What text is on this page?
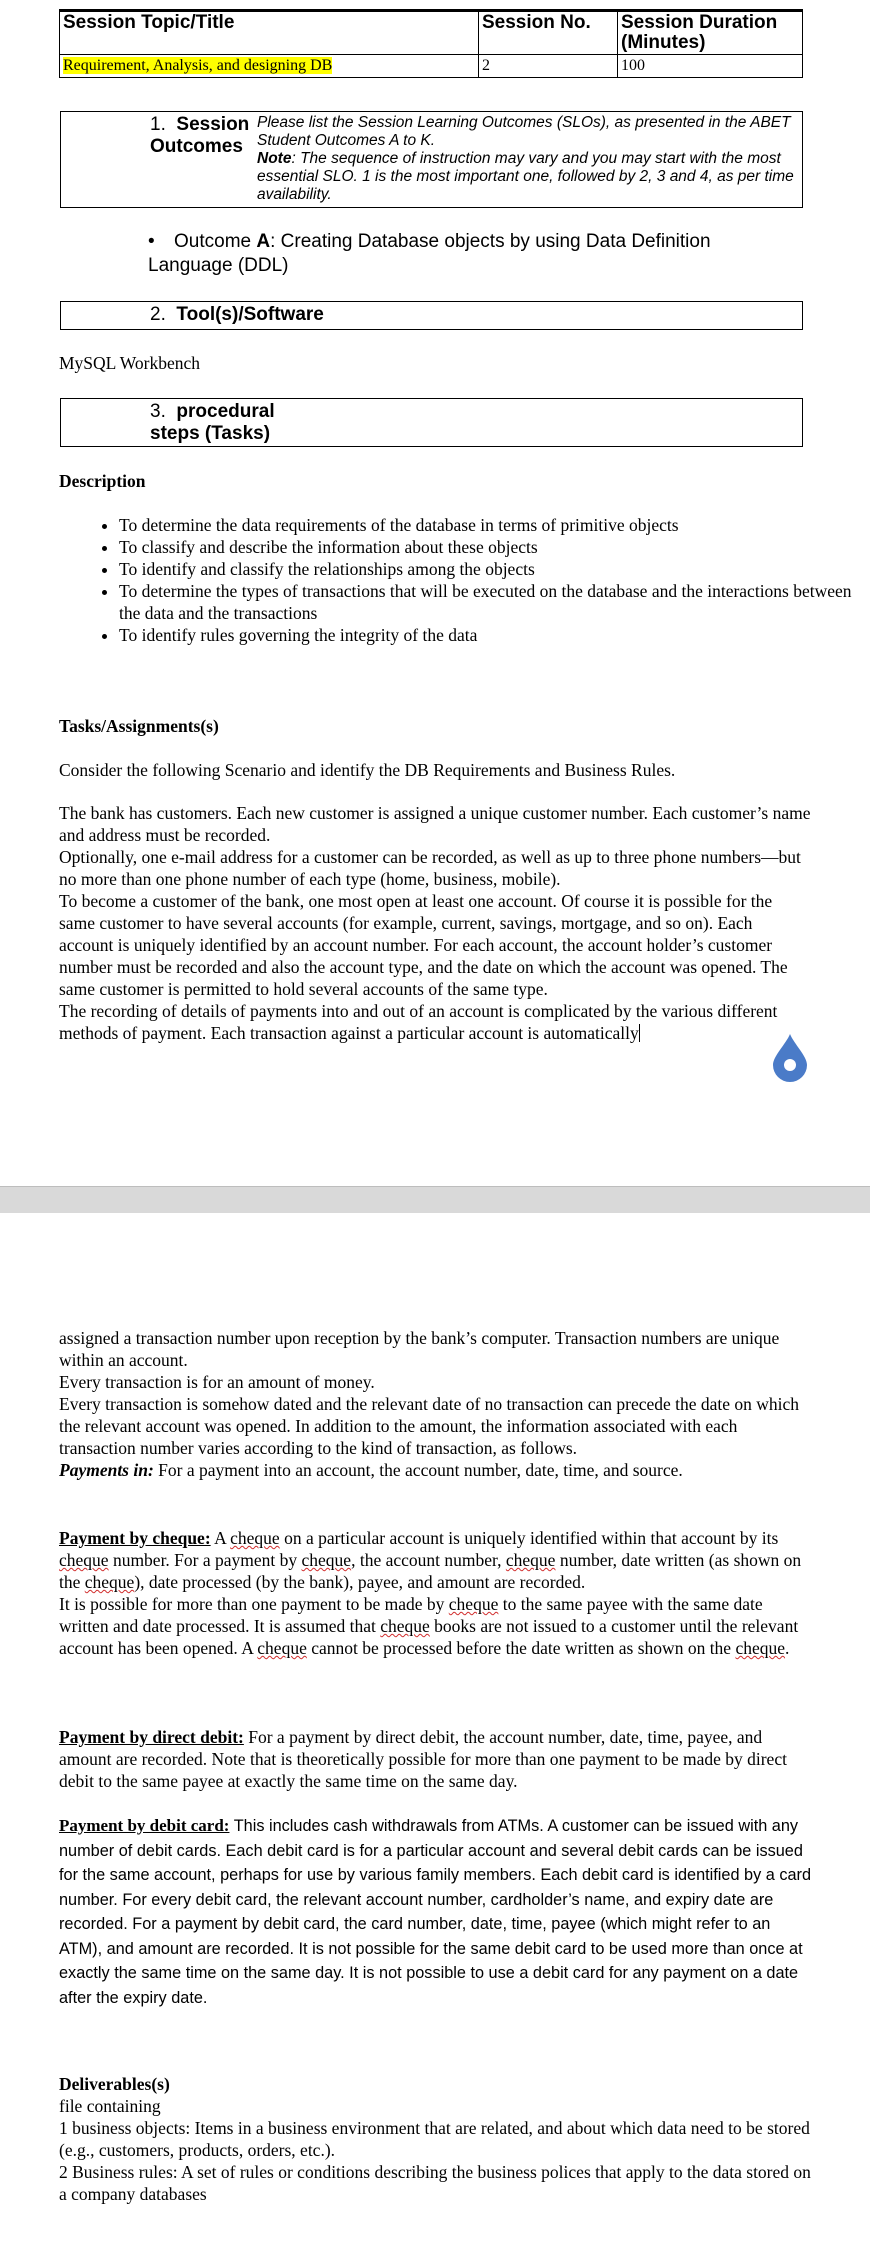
Session Topic/Title	Session No.	Session Duration (Minutes)
Requirement, Analysis, and designing DB	2	100
1. Session Outcomes
Please list the Session Learning Outcomes (SLOs), as presented in the ABET Student Outcomes A to K.
Note: The sequence of instruction may vary and you may start with the most essential SLO. 1 is the most important one, followed by 2, 3 and 4, as per time availability.
• Outcome A: Creating Database objects by using Data Definition Language (DDL)
2. Tool(s)/Software
MySQL Workbench
3. procedural
steps (Tasks)
Description
• To determine the data requirements of the database in terms of primitive objects
• To classify and describe the information about these objects
• To identify and classify the relationships among the objects
• To determine the types of transactions that will be executed on the database and the interactions between the data and the transactions
• To identify rules governing the integrity of the data
Tasks/Assignments(s)
Consider the following Scenario and identify the DB Requirements and Business Rules.
The bank has customers. Each new customer is assigned a unique customer number. Each customer’s name and address must be recorded.
Optionally, one e-mail address for a customer can be recorded, as well as up to three phone numbers—but no more than one phone number of each type (home, business, mobile).
To become a customer of the bank, one most open at least one account. Of course it is possible for the same customer to have several accounts (for example, current, savings, mortgage, and so on). Each account is uniquely identified by an account number. For each account, the account holder’s customer number must be recorded and also the account type, and the date on which the account was opened. The same customer is permitted to hold several accounts of the same type.
The recording of details of payments into and out of an account is complicated by the various different methods of payment. Each transaction against a particular account is automatically
assigned a transaction number upon reception by the bank’s computer. Transaction numbers are unique within an account.
Every transaction is for an amount of money.
Every transaction is somehow dated and the relevant date of no transaction can precede the date on which the relevant account was opened. In addition to the amount, the information associated with each transaction number varies according to the kind of transaction, as follows.
Payments in: For a payment into an account, the account number, date, time, and source.
Payment by cheque: A cheque on a particular account is uniquely identified within that account by its cheque number. For a payment by cheque, the account number, cheque number, date written (as shown on the cheque), date processed (by the bank), payee, and amount are recorded.
It is possible for more than one payment to be made by cheque to the same payee with the same date written and date processed. It is assumed that cheque books are not issued to a customer until the relevant account has been opened. A cheque cannot be processed before the date written as shown on the cheque.
Payment by direct debit: For a payment by direct debit, the account number, date, time, payee, and amount are recorded. Note that is theoretically possible for more than one payment to be made by direct debit to the same payee at exactly the same time on the same day.
Payment by debit card: This includes cash withdrawals from ATMs. A customer can be issued with any number of debit cards. Each debit card is for a particular account and several debit cards can be issued for the same account, perhaps for use by various family members. Each debit card is identified by a card number. For every debit card, the relevant account number, cardholder’s name, and expiry date are recorded. For a payment by debit card, the card number, date, time, payee (which might refer to an ATM), and amount are recorded. It is not possible for the same debit card to be used more than once at exactly the same time on the same day. It is not possible to use a debit card for any payment on a date after the expiry date.
Deliverables(s)
file containing
1 business objects: Items in a business environment that are related, and about which data need to be stored (e.g., customers, products, orders, etc.).
2 Business rules: A set of rules or conditions describing the business polices that apply to the data stored on a company databases
